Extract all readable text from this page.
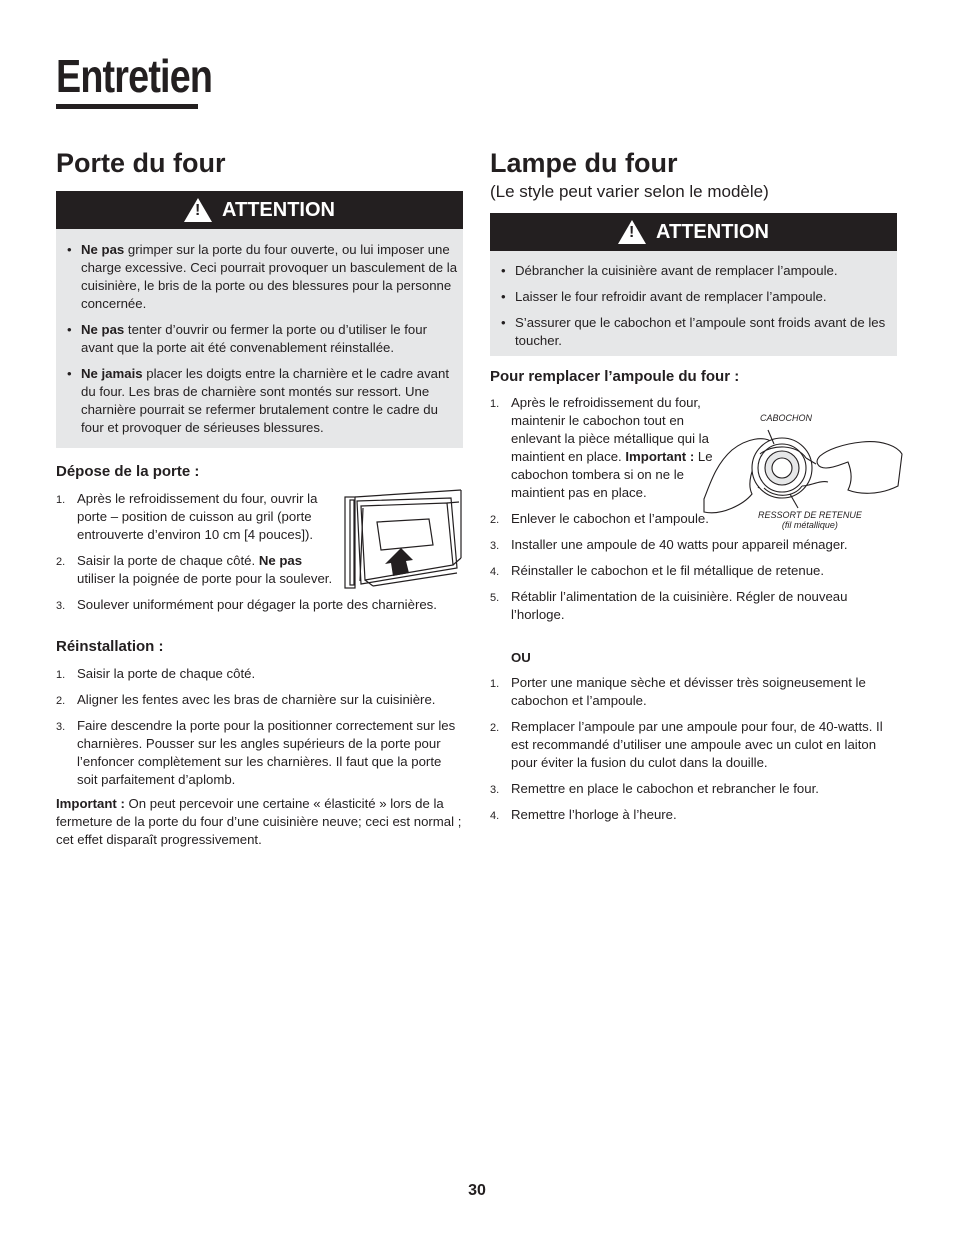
Entretien
Porte du four
! ATTENTION
• Ne pas grimper sur la porte du four ouverte, ou lui imposer une charge excessive. Ceci pourrait provoquer un basculement de la cuisinière, le bris de la porte ou des blessures pour la personne concernée.
• Ne pas tenter d’ouvrir ou fermer la porte ou d’utiliser le four avant que la porte ait été convenablement réinstallée.
• Ne jamais placer les doigts entre la charnière et le cadre avant du four. Les bras de charnière sont montés sur ressort. Une charnière pourrait se refermer brutalement contre le cadre du four et provoquer de sérieuses blessures.
Dépose de la porte :
1. Après le refroidissement du four, ouvrir la porte – position de cuisson au gril (porte entrouverte d’environ 10 cm [4 pouces]).
2. Saisir la porte de chaque côté. Ne pas utiliser la poignée de porte pour la soulever.
3. Soulever uniformément pour dégager la porte des charnières.
Réinstallation :
1. Saisir la porte de chaque côté.
2. Aligner les fentes avec les bras de charnière sur la cuisinière.
3. Faire descendre la porte pour la positionner correctement sur les charnières. Pousser sur les angles supérieurs de la porte pour l’enfoncer complètement sur les charnières. Il faut que la porte soit parfaitement d’aplomb.

Important : On peut percevoir une certaine « élasticité » lors de la fermeture de la porte du four d’une cuisinière neuve; ceci est normal ; cet effet disparaît progressivement.

Lampe du four
(Le style peut varier selon le modèle)
! ATTENTION
• Débrancher la cuisinière avant de remplacer l’ampoule.
• Laisser le four refroidir avant de remplacer l’ampoule.
• S’assurer que le cabochon et l’ampoule sont froids avant de les toucher.
Pour remplacer l’ampoule du four :
CABOCHON
RESSORT DE RETENUE
(fil métallique)
1. Après le refroidissement du four, maintenir le cabochon tout en enlevant la pièce métallique qui la maintient en place. Important : Le cabochon tombera si on ne le maintient pas en place.
2. Enlever le cabochon et l’ampoule.
3. Installer une ampoule de 40 watts pour appareil ménager.
4. Réinstaller le cabochon et le fil métallique de retenue.
5. Rétablir l’alimentation de la cuisinière. Régler de nouveau l’horloge.
OU
1. Porter une manique sèche et dévisser très soigneusement le cabochon et l’ampoule.
2. Remplacer l’ampoule par une ampoule pour four, de 40-watts. Il est recommandé d’utiliser une ampoule avec un culot en laiton pour éviter la fusion du culot dans la douille.
3. Remettre en place le cabochon et rebrancher le four.
4. Remettre l’horloge à l’heure.
30
